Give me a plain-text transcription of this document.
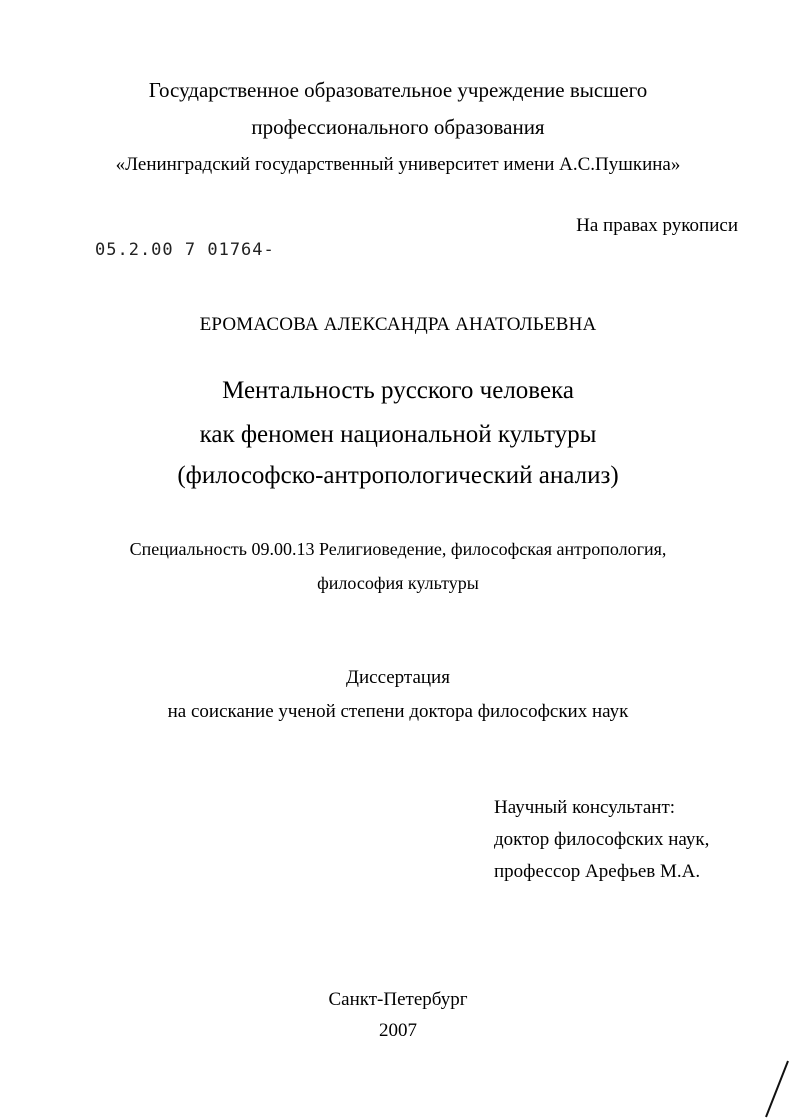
Государственное образовательное учреждение высшего
профессионального образования
«Ленинградский государственный университет имени А.С.Пушкина»
На правах рукописи
05.2.00 7 01764-
ЕРОМАСОВА АЛЕКСАНДРА АНАТОЛЬЕВНА
Ментальность русского человека
как феномен национальной культуры
(философско-антропологический анализ)
Специальность 09.00.13 Религиоведение, философская антропология,
философия культуры
Диссертация
на соискание ученой степени доктора философских наук
Научный консультант:
доктор философских наук,
профессор Арефьев М.А.
Санкт-Петербург
2007
